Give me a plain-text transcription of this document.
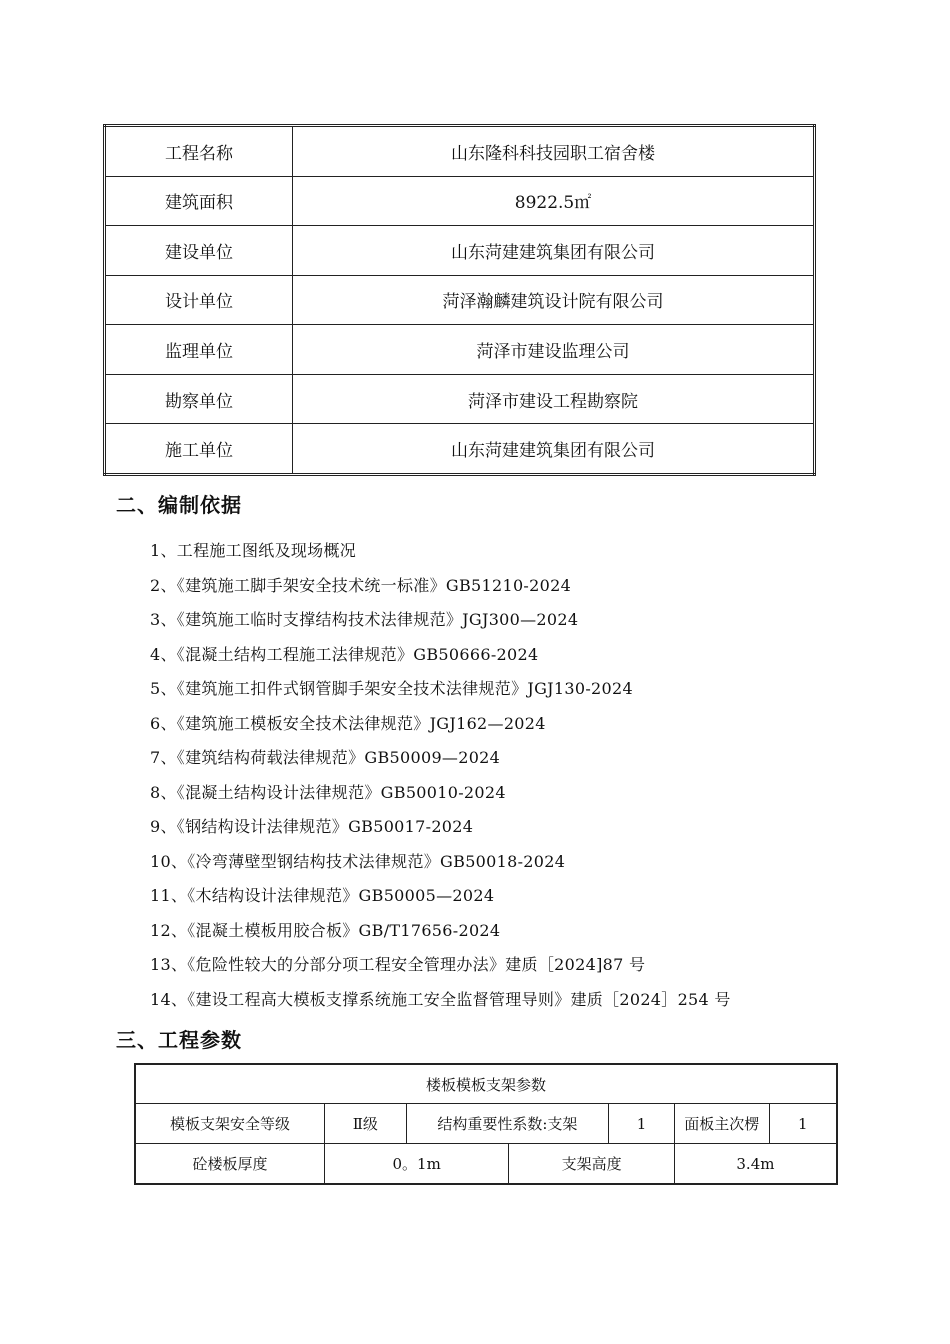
工程名称	山东隆科科技园职工宿舍楼
建筑面积	8922.5㎡
建设单位	山东菏建建筑集团有限公司
设计单位	菏泽瀚麟建筑设计院有限公司
监理单位	菏泽市建设监理公司
勘察单位	菏泽市建设工程勘察院
施工单位	山东菏建建筑集团有限公司
二、编制依据
1、工程施工图纸及现场概况
2、《建筑施工脚手架安全技术统一标准》GB51210-2024
3、《建筑施工临时支撑结构技术法律规范》JGJ300—2024
4、《混凝土结构工程施工法律规范》GB50666-2024
5、《建筑施工扣件式钢管脚手架安全技术法律规范》JGJ130-2024
6、《建筑施工模板安全技术法律规范》JGJ162—2024
7、《建筑结构荷载法律规范》GB50009—2024
8、《混凝土结构设计法律规范》GB50010-2024
9、《钢结构设计法律规范》GB50017-2024
10、《冷弯薄壁型钢结构技术法律规范》GB50018-2024
11、《木结构设计法律规范》GB50005—2024
12、《混凝土模板用胶合板》GB/T17656-2024
13、《危险性较大的分部分项工程安全管理办法》建质［2024]87 号
14、《建设工程高大模板支撑系统施工安全监督管理导则》建质［2024］254 号
三、工程参数
楼板模板支架参数						
模板支架安全等级	Ⅱ级	结构重要性系数:支架		1	面板主次楞	1
砼楼板厚度	0。1m		支架高度		3.4m	
